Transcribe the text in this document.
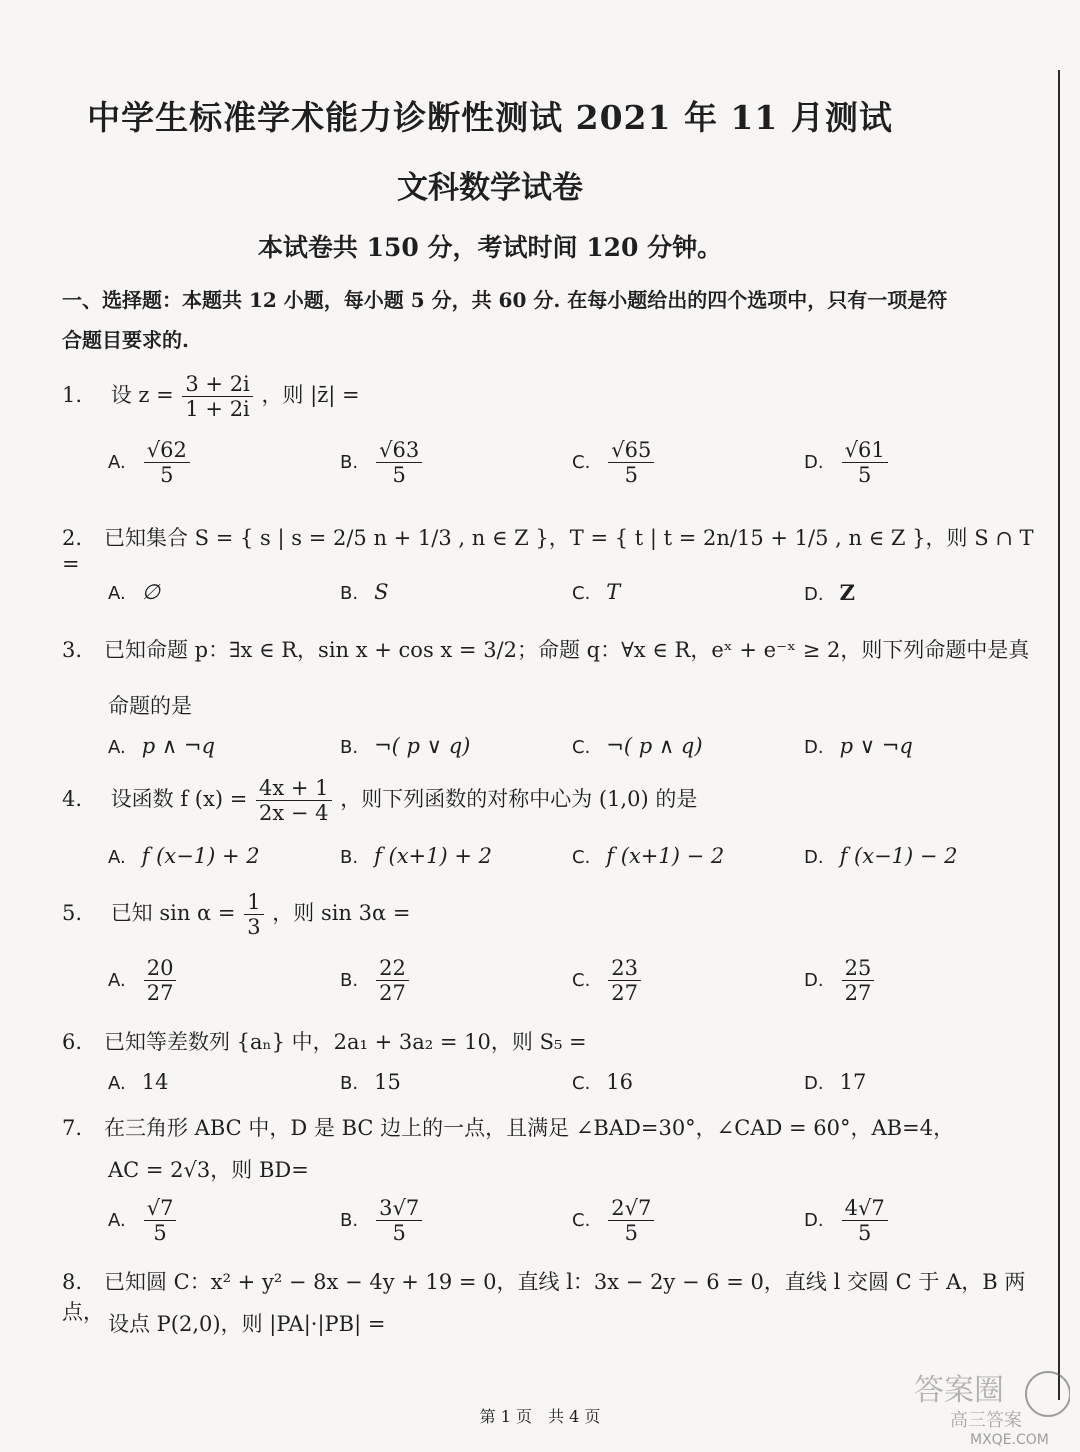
中学生标准学术能力诊断性测试 2021 年 11 月测试
文科数学试卷
本试卷共 150 分，考试时间 120 分钟。
一、选择题：本题共 12 小题，每小题 5 分，共 60 分. 在每小题给出的四个选项中，只有一项是符
合题目要求的.
1. 设 $z = \frac{3 + 2i}{1 + 2i}$ ，则 |z̄| =
A. $\frac{√62}{5}$	B. $\frac{√63}{5}$	C. $\frac{√65}{5}$	D. $\frac{√61}{5}$
2. 已知集合 S = { s | s = 2/5 n + 1/3 , n ∈ Z }，T = { t | t = 2n/15 + 1/5 , n ∈ Z }，则 S ∩ T =
A. ∅	B. S	C. T	D. Z
3. 已知命题 p：∃x ∈ R，sin x + cos x = 3/2；命题 q：∀x ∈ R，eˣ + e⁻ˣ ≥ 2，则下列命题中是真
命题的是
A. p ∧ ¬q	B. ¬( p ∨ q)	C. ¬( p ∧ q)	D. p ∨ ¬q
4. 设函数 f $(x) = \frac{4x + 1}{2x - 4}$ ，则下列函数的对称中心为 (1,0) 的是
A. f (x−1) + 2	B. f (x+1) + 2	C. f (x+1) − 2	D. f (x−1) − 2
5. 已知 $\sin \alpha = \frac{1}{3}$ ，则 sin 3α =
A. $\frac{20}{27}$	B. $\frac{22}{27}$	C. $\frac{23}{27}$	D. $\frac{25}{27}$
6. 已知等差数列 {aₙ} 中，2a₁ + 3a₂ = 10，则 S₅ =
A. 14	B. 15	C. 16	D. 17
7. 在三角形 ABC 中，D 是 BC 边上的一点，且满足 ∠BAD=30°，∠CAD = 60°，AB=4，
AC = 2√3，则 BD=
A. $\frac{√7}{5}$	B. $\frac{3√7}{5}$	C. $\frac{2√7}{5}$	D. $\frac{4√7}{5}$
8. 已知圆 C：x² + y² − 8x − 4y + 19 = 0，直线 l：3x − 2y − 6 = 0，直线 l 交圆 C 于 A，B 两点， 设点 P(2,0)，则 |PA|·|PB| =
第 1 页　共 4 页
答案圈
高三答案
MXQE.COM
